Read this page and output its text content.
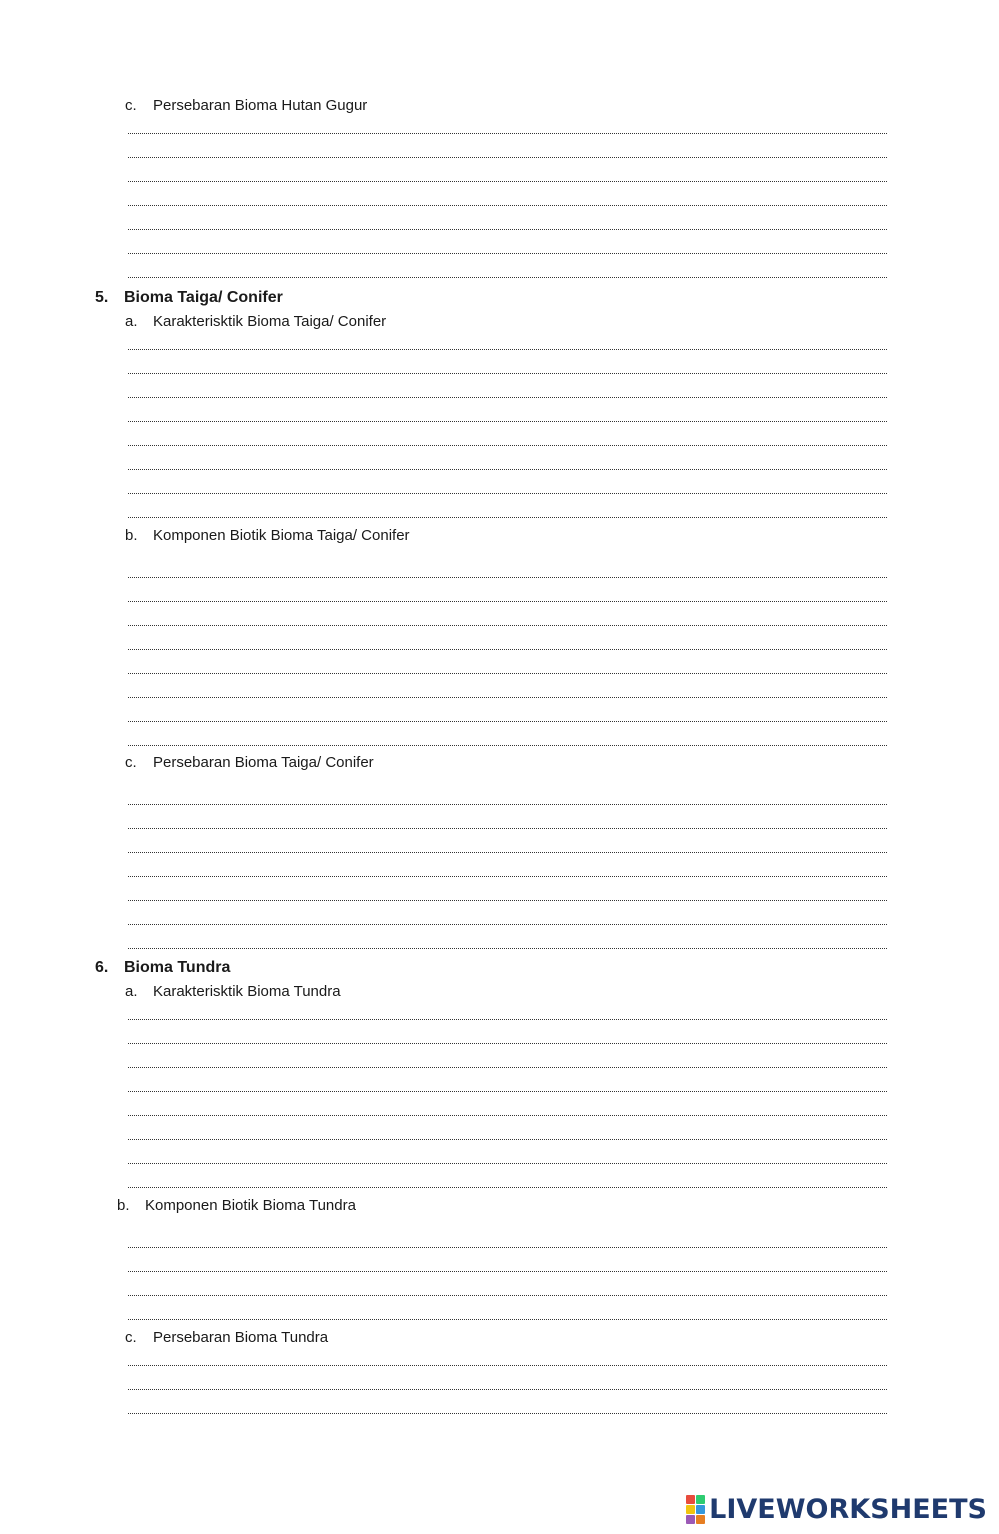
c. Persebaran Bioma Hutan Gugur
5. Bioma Taiga/ Conifer
a. Karakterisktik Bioma Taiga/ Conifer
b. Komponen Biotik Bioma Taiga/ Conifer
c. Persebaran Bioma Taiga/ Conifer
6. Bioma Tundra
a. Karakterisktik Bioma Tundra
b. Komponen Biotik Bioma Tundra
c. Persebaran Bioma Tundra
LIVEWORKSHEETS
